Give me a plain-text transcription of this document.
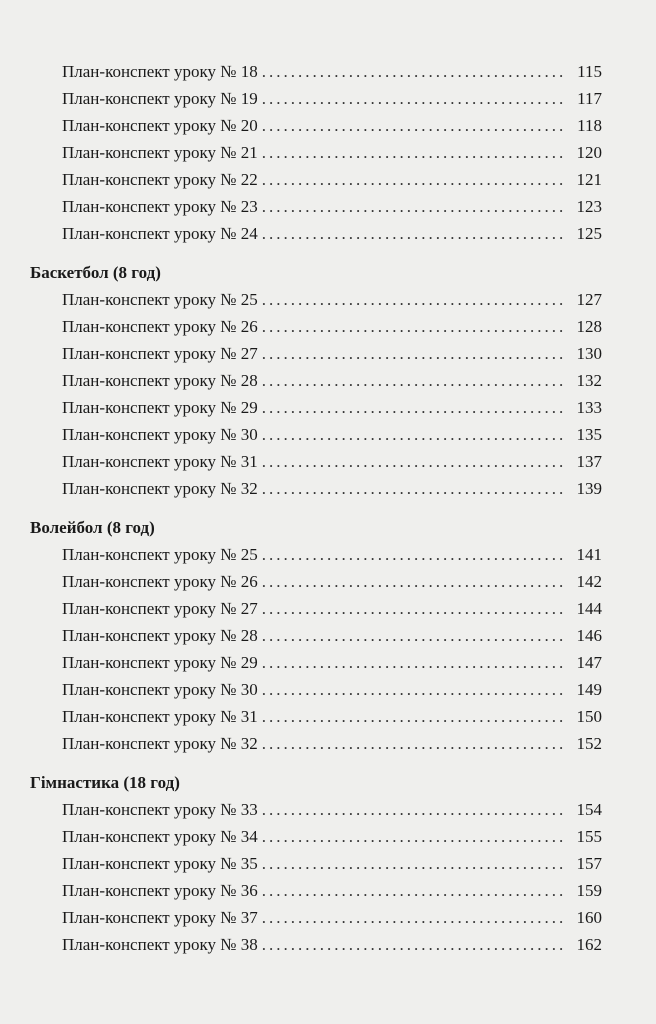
План-конспект уроку № 18 .....	115
План-конспект уроку № 19 .....	117
План-конспект уроку № 20 .....	118
План-конспект уроку № 21 .....	120
План-конспект уроку № 22 .....	121
План-конспект уроку № 23 .....	123
План-конспект уроку № 24 .....	125
Баскетбол (8 год)
План-конспект уроку № 25 .....	127
План-конспект уроку № 26 .....	128
План-конспект уроку № 27 .....	130
План-конспект уроку № 28 .....	132
План-конспект уроку № 29 .....	133
План-конспект уроку № 30 .....	135
План-конспект уроку № 31 .....	137
План-конспект уроку № 32 .....	139
Волейбол (8 год)
План-конспект уроку № 25 .....	141
План-конспект уроку № 26 .....	142
План-конспект уроку № 27 .....	144
План-конспект уроку № 28 .....	146
План-конспект уроку № 29 .....	147
План-конспект уроку № 30 .....	149
План-конспект уроку № 31 .....	150
План-конспект уроку № 32 .....	152
Гімнастика (18 год)
План-конспект уроку № 33 .....	154
План-конспект уроку № 34 .....	155
План-конспект уроку № 35 .....	157
План-конспект уроку № 36 .....	159
План-конспект уроку № 37 .....	160
План-конспект уроку № 38 .....	162
